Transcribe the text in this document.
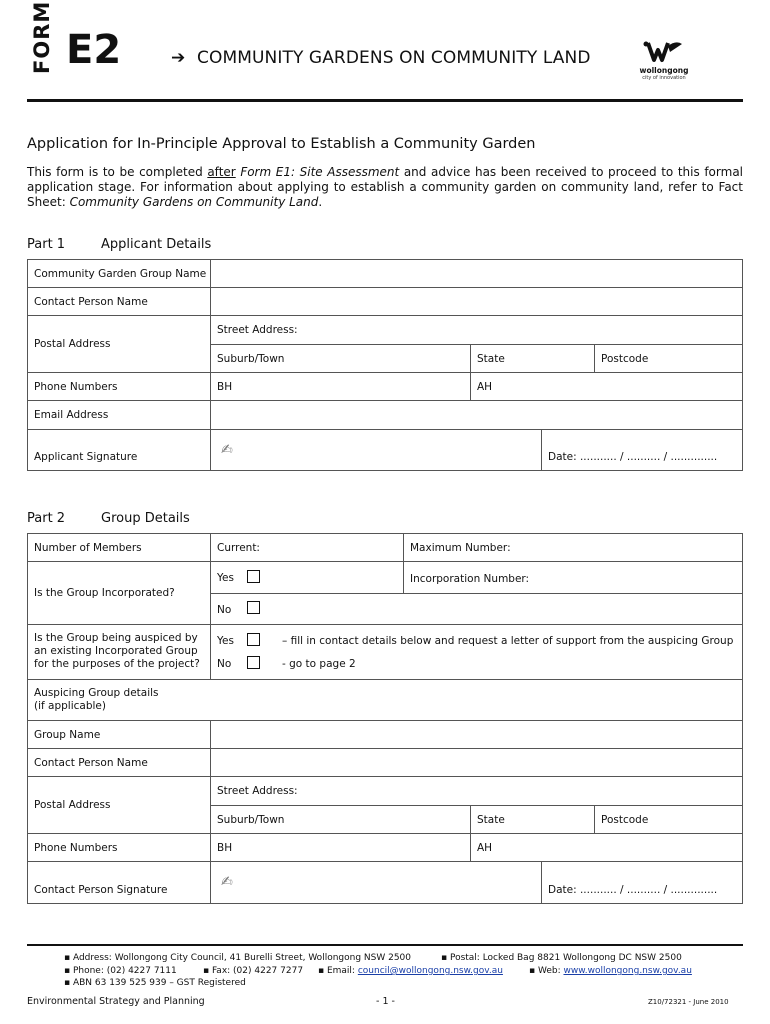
FORM E2	➔ COMMUNITY GARDENS ON COMMUNITY LAND
wollongong
city of innovation
Application for In-Principle Approval to Establish a Community Garden
This form is to be completed after Form E1: Site Assessment and advice has been received to proceed to this formal application stage. For information about applying to establish a community garden on community land, refer to Fact Sheet: Community Gardens on Community Land.
Part 1	Applicant Details
Community Garden Group Name
Contact Person Name
Postal Address
Street Address:
Suburb/Town	State	Postcode
Phone Numbers	BH	AH
Email Address
Applicant Signature	✍	Date: ........... / .......... / ..............
Part 2	Group Details
Number of Members	Current:	Maximum Number:
Is the Group Incorporated?
Yes	Incorporation Number:
No
Is the Group being auspiced by
an existing Incorporated Group
for the purposes of the project?
Yes	– fill in contact details below and request a letter of support from the auspicing Group
No	- go to page 2
Auspicing Group details
(if applicable)
Group Name
Contact Person Name
Postal Address
Street Address:
Suburb/Town	State	Postcode
Phone Numbers	BH	AH
Contact Person Signature	✍	Date: ........... / .......... / ..............
▪ Address: Wollongong City Council, 41 Burelli Street, Wollongong NSW 2500	▪ Postal: Locked Bag 8821 Wollongong DC NSW 2500
▪ Phone: (02) 4227 7111	▪ Fax: (02) 4227 7277 ▪ Email: council@wollongong.nsw.gov.au	▪ Web: www.wollongong.nsw.gov.au
▪ ABN 63 139 525 939 – GST Registered
Environmental Strategy and Planning	- 1 -	Z10/72321 - June 2010
